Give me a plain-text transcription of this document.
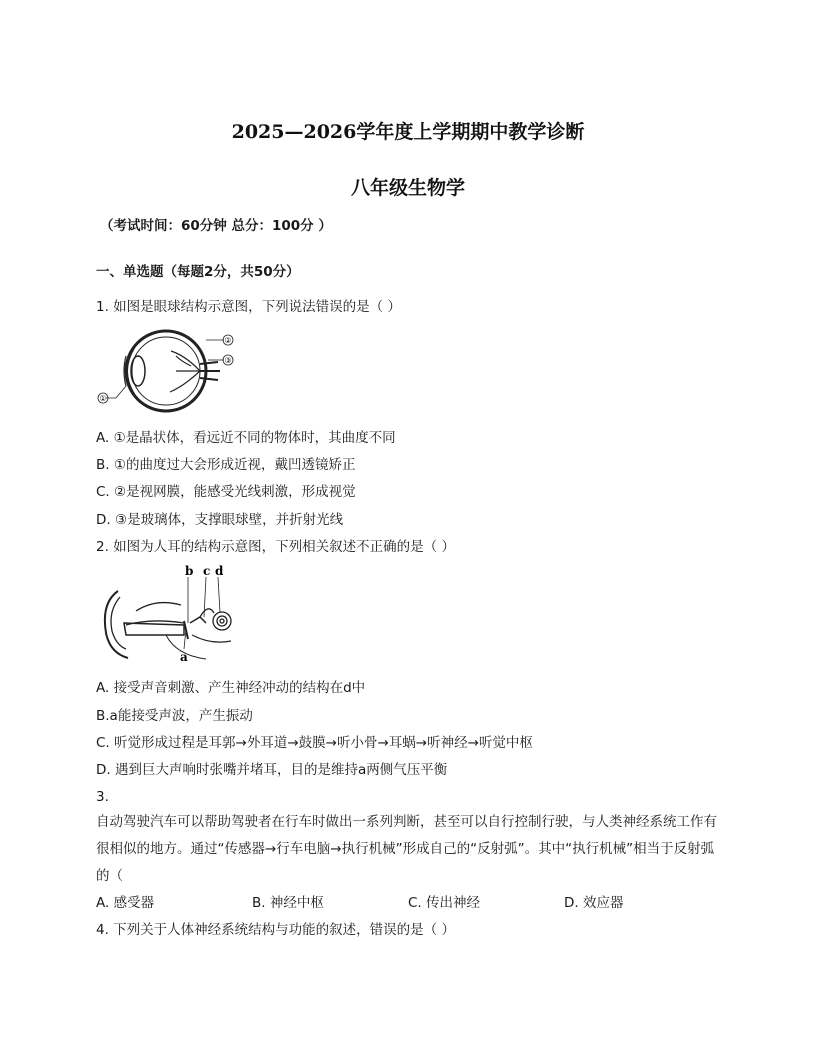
2025—2026学年度上学期期中教学诊断
八年级生物学
（考试时间：60分钟 总分：100分 ）
一、单选题（每题2分，共50分）
1. 如图是眼球结构示意图，下列说法错误的是（ ）
②
③
①
A. ①是晶状体，看远近不同的物体时，其曲度不同
B. ①的曲度过大会形成近视，戴凹透镜矫正
C. ②是视网膜，能感受光线刺激，形成视觉
D. ③是玻璃体，支撑眼球壁，并折射光线
2. 如图为人耳的结构示意图，下列相关叙述不正确的是（ ）
b c d
a
A. 接受声音刺激、产生神经冲动的结构在d中
B.a能接受声波，产生振动
C. 听觉形成过程是耳郭→外耳道→鼓膜→听小骨→耳蜗→听神经→听觉中枢
D. 遇到巨大声响时张嘴并堵耳，目的是维持a两侧气压平衡
3.
自动驾驶汽车可以帮助驾驶者在行车时做出一系列判断，甚至可以自行控制行驶，与人类神经系统工作有很相似的地方。通过“传感器→行车电脑→执行机械”形成自己的“反射弧”。其中“执行机械”相当于反射弧的（
A. 感受器	B. 神经中枢	C. 传出神经	D. 效应器
4. 下列关于人体神经系统结构与功能的叙述，错误的是（ ）
